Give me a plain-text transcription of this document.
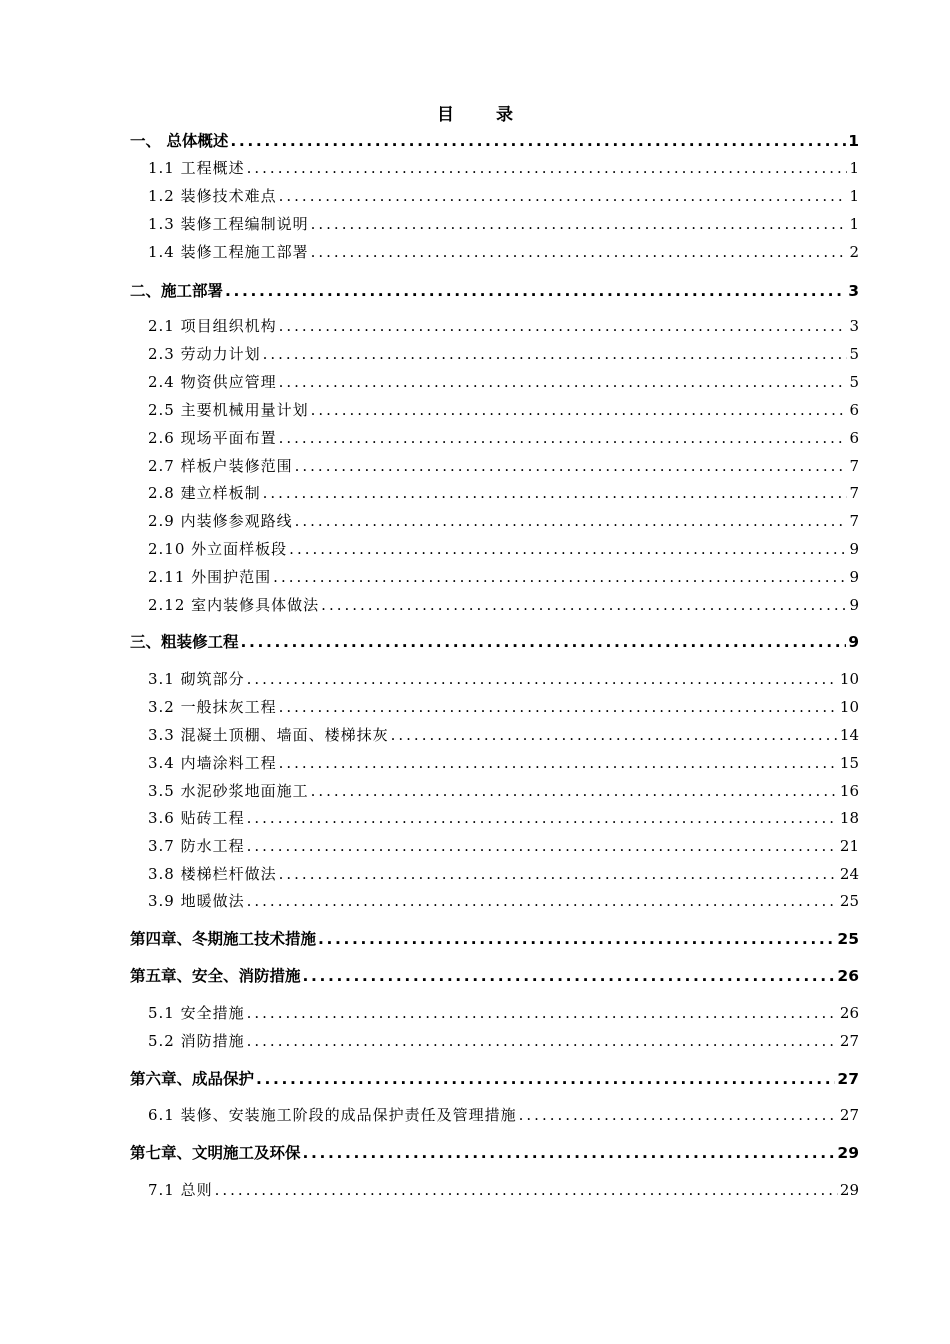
目 录
一、 总体概述 .....	1
1.1 工程概述 .....	1
1.2 装修技术难点 .....	1
1.3 装修工程编制说明 .....	1
1.4 装修工程施工部署 .....	2
二、施工部署 .....	3
2.1 项目组织机构 .....	3
2.3 劳动力计划 .....	5
2.4 物资供应管理 .....	5
2.5 主要机械用量计划 .....	6
2.6 现场平面布置 .....	6
2.7 样板户装修范围 .....	7
2.8 建立样板制 .....	7
2.9 内装修参观路线 .....	7
2.10 外立面样板段 .....	9
2.11 外围护范围 .....	9
2.12 室内装修具体做法 .....	9
三、粗装修工程 .....	9
3.1 砌筑部分 .....	10
3.2 一般抹灰工程 .....	10
3.3 混凝土顶棚、墙面、楼梯抹灰 .....	14
3.4 内墙涂料工程 .....	15
3.5 水泥砂浆地面施工 .....	16
3.6 贴砖工程 .....	18
3.7 防水工程 .....	21
3.8 楼梯栏杆做法 .....	24
3.9 地暖做法 .....	25
第四章、冬期施工技术措施 .....	25
第五章、安全、消防措施 .....	26
5.1 安全措施 .....	26
5.2 消防措施 .....	27
第六章、成品保护 .....	27
6.1 装修、安装施工阶段的成品保护责任及管理措施 .....	27
第七章、文明施工及环保 .....	29
7.1 总则 .....	29
